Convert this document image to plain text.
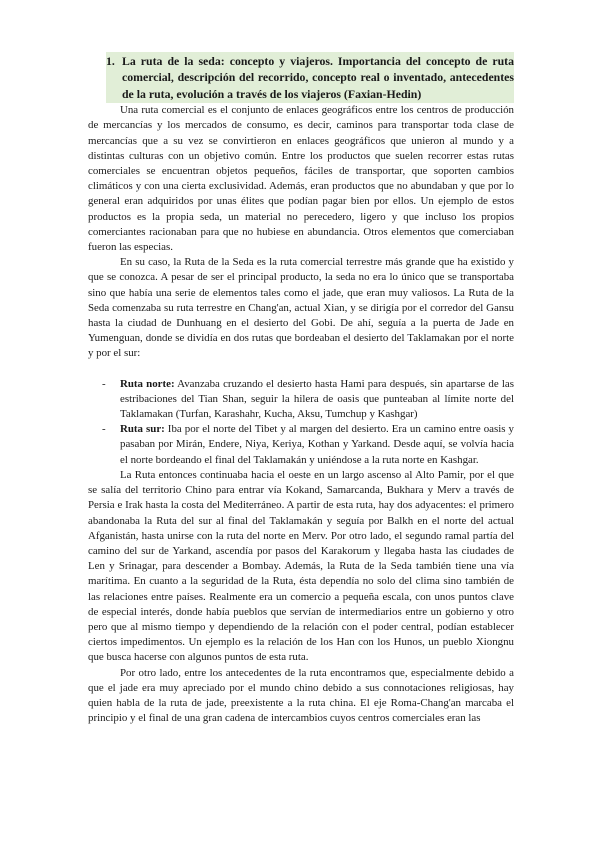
1. La ruta de la seda: concepto y viajeros. Importancia del concepto de ruta comercial, descripción del recorrido, concepto real o inventado, antecedentes de la ruta, evolución a través de los viajeros (Faxian-Hedin)

Una ruta comercial es el conjunto de enlaces geográficos entre los centros de producción de mercancías y los mercados de consumo, es decir, caminos para transportar toda clase de mercancías que a su vez se convirtieron en enlaces geográficos que unieron al mundo y a distintas culturas con un objetivo común. Entre los productos que suelen recorrer estas rutas comerciales se encuentran objetos pequeños, fáciles de transportar, que soporten cambios climáticos y con una cierta exclusividad. Además, eran productos que no abundaban y que por lo general eran adquiridos por unas élites que podían pagar bien por ellos. Un ejemplo de estos productos es la propia seda, un material no perecedero, ligero y que incluso los propios comerciantes racionaban para que no hubiese en abundancia. Otros elementos que comerciaban fueron las especias.

En su caso, la Ruta de la Seda es la ruta comercial terrestre más grande que ha existido y que se conozca. A pesar de ser el principal producto, la seda no era lo único que se transportaba sino que había una serie de elementos tales como el jade, que eran muy valiosos. La Ruta de la Seda comenzaba su ruta terrestre en Chang'an, actual Xian, y se dirigía por el corredor del Gansu hasta la ciudad de Dunhuang en el desierto del Gobi. De ahí, seguía a la puerta de Jade en Yumenguan, donde se dividía en dos rutas que bordeaban el desierto del Taklamakan por el norte y por el sur:

-	Ruta norte: Avanzaba cruzando el desierto hasta Hami para después, sin apartarse de las estribaciones del Tian Shan, seguir la hilera de oasis que punteaban al límite norte del Taklamakan (Turfan, Karashahr, Kucha, Aksu, Tumchup y Kashgar)
-	Ruta sur: Iba por el norte del Tibet y al margen del desierto. Era un camino entre oasis y pasaban por Mirán, Endere, Niya, Keriya, Kothan y Yarkand. Desde aquí, se volvía hacia el norte bordeando el final del Taklamakán y uniéndose a la ruta norte en Kashgar.

La Ruta entonces continuaba hacia el oeste en un largo ascenso al Alto Pamir, por el que se salía del territorio Chino para entrar vía Kokand, Samarcanda, Bukhara y Merv a través de Persia e Irak hasta la costa del Mediterráneo. A partir de esta ruta, hay dos adyacentes: el primero abandonaba la Ruta del sur al final del Taklamakán y seguía por Balkh en el norte del actual Afganistán, hasta unirse con la ruta del norte en Merv. Por otro lado, el segundo ramal partía del camino del sur de Yarkand, ascendía por pasos del Karakorum y llegaba hasta las ciudades de Len y Srinagar, para descender a Bombay. Además, la Ruta de la Seda también tiene una vía marítima. En cuanto a la seguridad de la Ruta, ésta dependía no solo del clima sino también de las relaciones entre países. Realmente era un comercio a pequeña escala, con unos puntos clave de especial interés, donde había pueblos que servían de intermediarios entre un gobierno y otro pero que al mismo tiempo y dependiendo de la relación con el poder central, podían establecer ciertos impedimentos. Un ejemplo es la relación de los Han con los Hunos, un pueblo Xiongnu que busca hacerse con algunos puntos de esta ruta.

Por otro lado, entre los antecedentes de la ruta encontramos que, especialmente debido a que el jade era muy apreciado por el mundo chino debido a sus connotaciones religiosas, hay quien habla de la ruta de jade, preexistente a la ruta china. El eje Roma-Chang'an marcaba el principio y el final de una gran cadena de intercambios cuyos centros comerciales eran las
